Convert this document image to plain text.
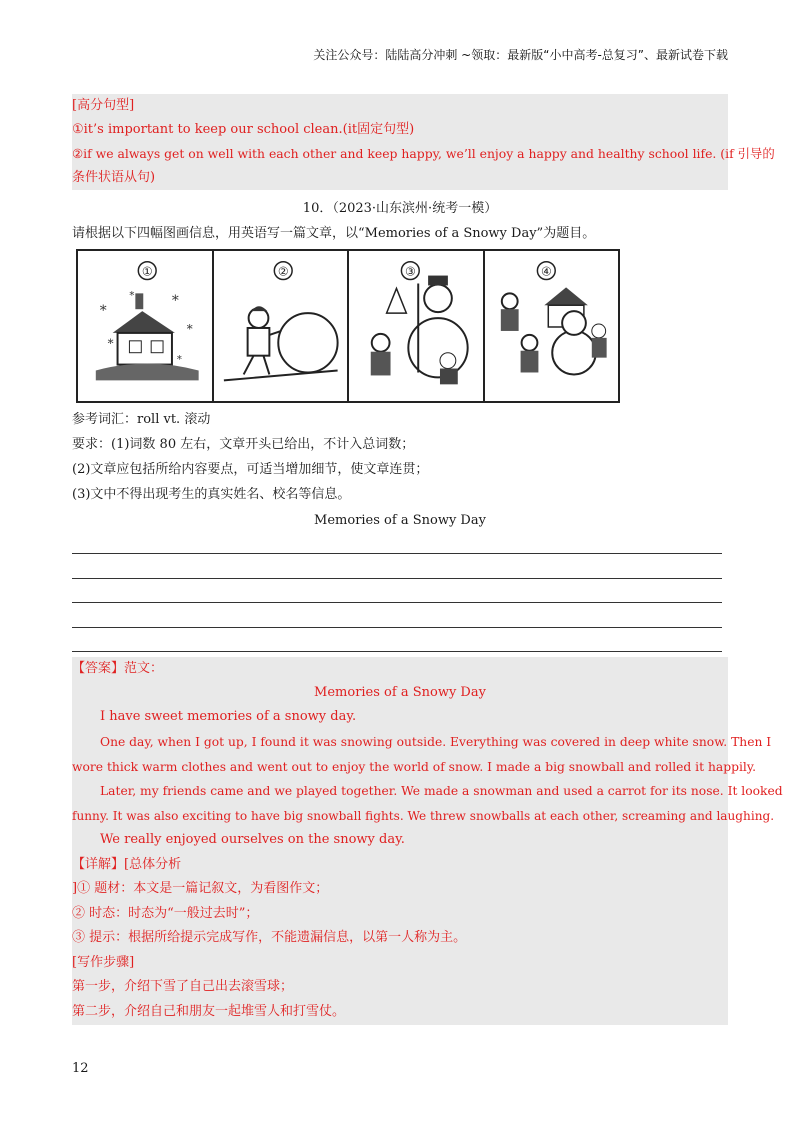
关注公众号：陆陆高分冲刺 ~领取：最新版“小中高考-总复习”、最新试卷下载
[高分句型]
①it’s important to keep our school clean.(it固定句型)
②if we always get on well with each other and keep happy, we’ll enjoy a happy and healthy school life. (if 引导的
条件状语从句)
10．（2023·山东滨州·统考一模）
请根据以下四幅图画信息，用英语写一篇文章，以“Memories of a Snowy Day”为题目。
①
*
*
*
*
*
*
②	③	④
参考词汇：roll vt. 滚动
要求：(1)词数 80 左右，文章开头已给出，不计入总词数；
(2)文章应包括所给内容要点，可适当增加细节，使文章连贯；
(3)文中不得出现考生的真实姓名、校名等信息。
Memories of a Snowy Day
【答案】范文：
Memories of a Snowy Day
I have sweet memories of a snowy day.
One day, when I got up, I found it was snowing outside. Everything was covered in deep white snow. Then I
wore thick warm clothes and went out to enjoy the world of snow. I made a big snowball and rolled it happily.
Later, my friends came and we played together. We made a snowman and used a carrot for its nose. It looked
funny. It was also exciting to have big snowball fights. We threw snowballs at each other, screaming and laughing.
We really enjoyed ourselves on the snowy day.
【详解】[总体分析
]① 题材：本文是一篇记叙文，为看图作文；
② 时态：时态为“一般过去时”；
③ 提示：根据所给提示完成写作，不能遗漏信息，以第一人称为主。
[写作步骤]
第一步，介绍下雪了自己出去滚雪球；
第二步，介绍自己和朋友一起堆雪人和打雪仗。
12
